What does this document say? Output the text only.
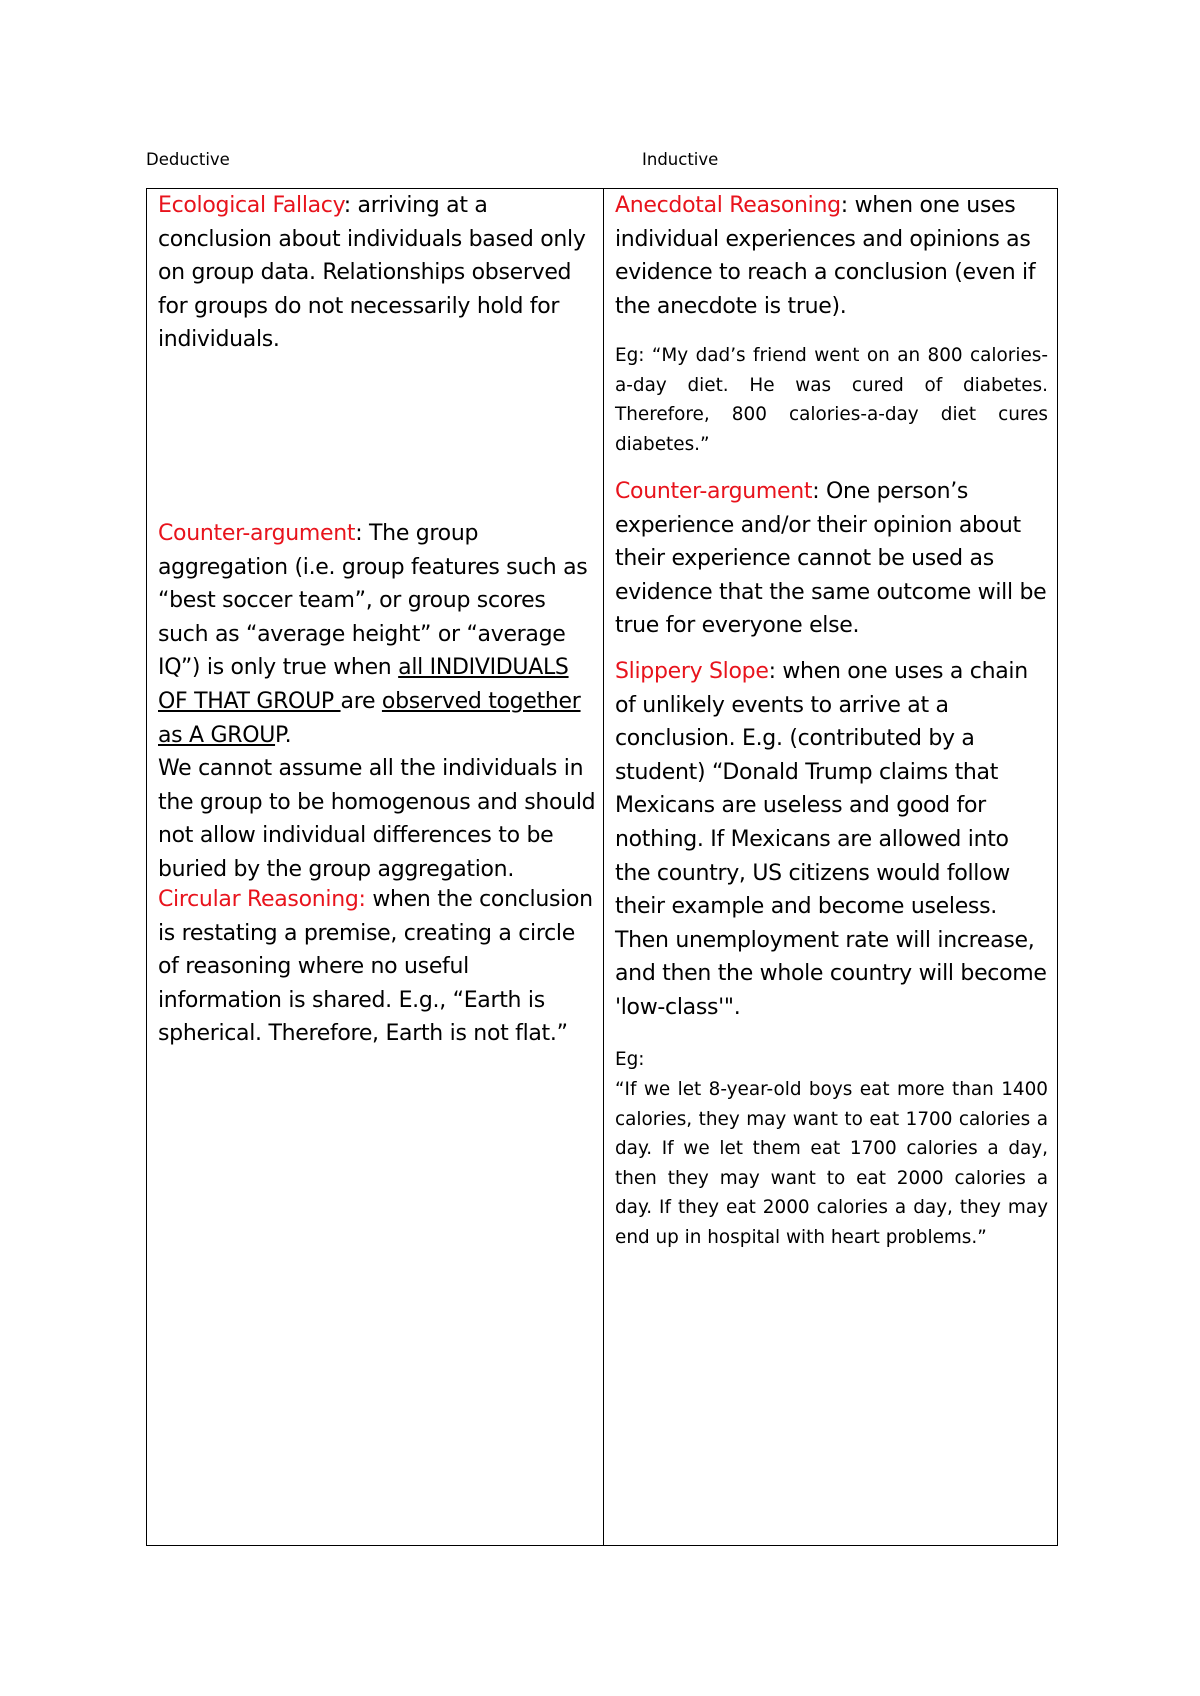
Deductive	Inductive

Ecological Fallacy: arriving at a conclusion about individuals based only on group data. Relationships observed for groups do not necessarily hold for individuals.

Counter-argument: The group aggregation (i.e. group features such as “best soccer team”, or group scores such as “average height” or “average IQ”) is only true when all INDIVIDUALS OF THAT GROUP are observed together as A GROUP.
We cannot assume all the individuals in the group to be homogenous and should not allow individual differences to be buried by the group aggregation.

Circular Reasoning: when the conclusion is restating a premise, creating a circle of reasoning where no useful information is shared. E.g., “Earth is spherical. Therefore, Earth is not flat.”

Anecdotal Reasoning: when one uses individual experiences and opinions as evidence to reach a conclusion (even if the anecdote is true).

Eg: “My dad’s friend went on an 800 calories-a-day diet. He was cured of diabetes. Therefore, 800 calories-a-day diet cures diabetes.”

Counter-argument: One person’s experience and/or their opinion about their experience cannot be used as evidence that the same outcome will be true for everyone else.

Slippery Slope: when one uses a chain of unlikely events to arrive at a conclusion. E.g. (contributed by a student) “Donald Trump claims that Mexicans are useless and good for nothing. If Mexicans are allowed into the country, US citizens would follow their example and become useless. Then unemployment rate will increase, and then the whole country will become 'low-class'".

Eg:

“If we let 8-year-old boys eat more than 1400 calories, they may want to eat 1700 calories a day. If we let them eat 1700 calories a day, then they may want to eat 2000 calories a day. If they eat 2000 calories a day, they may end up in hospital with heart problems.”
